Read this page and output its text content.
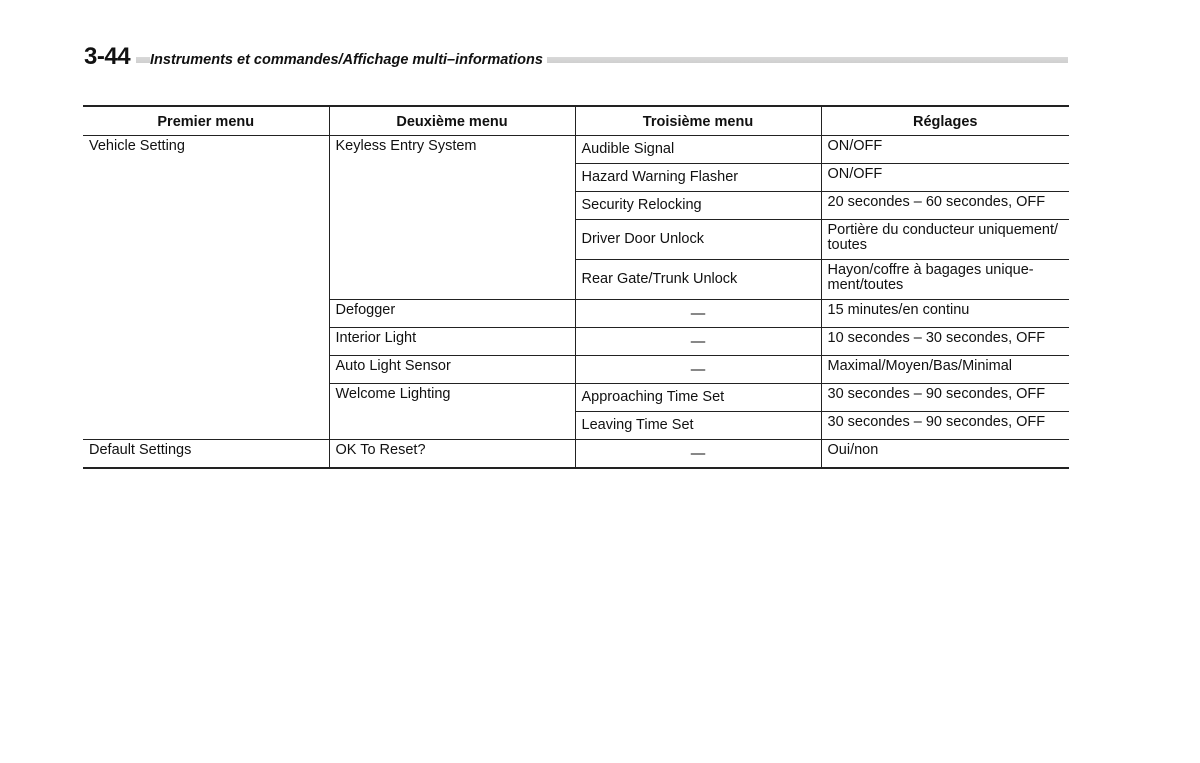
3-44	Instruments et commandes/Affichage multi–informations
Premier menu	Deuxième menu	Troisième menu	Réglages
Vehicle Setting	Keyless Entry System	Audible Signal	ON/OFF
		Hazard Warning Flasher	ON/OFF
		Security Relocking	20 secondes – 60 secondes, OFF
		Driver Door Unlock	Portière du conducteur uniquement/ toutes
		Rear Gate/Trunk Unlock	Hayon/coffre à bagages unique- ment/toutes
	Defogger	—	15 minutes/en continu
	Interior Light	—	10 secondes – 30 secondes, OFF
	Auto Light Sensor	—	Maximal/Moyen/Bas/Minimal
	Welcome Lighting	Approaching Time Set	30 secondes – 90 secondes, OFF
		Leaving Time Set	30 secondes – 90 secondes, OFF
Default Settings	OK To Reset?	—	Oui/non
